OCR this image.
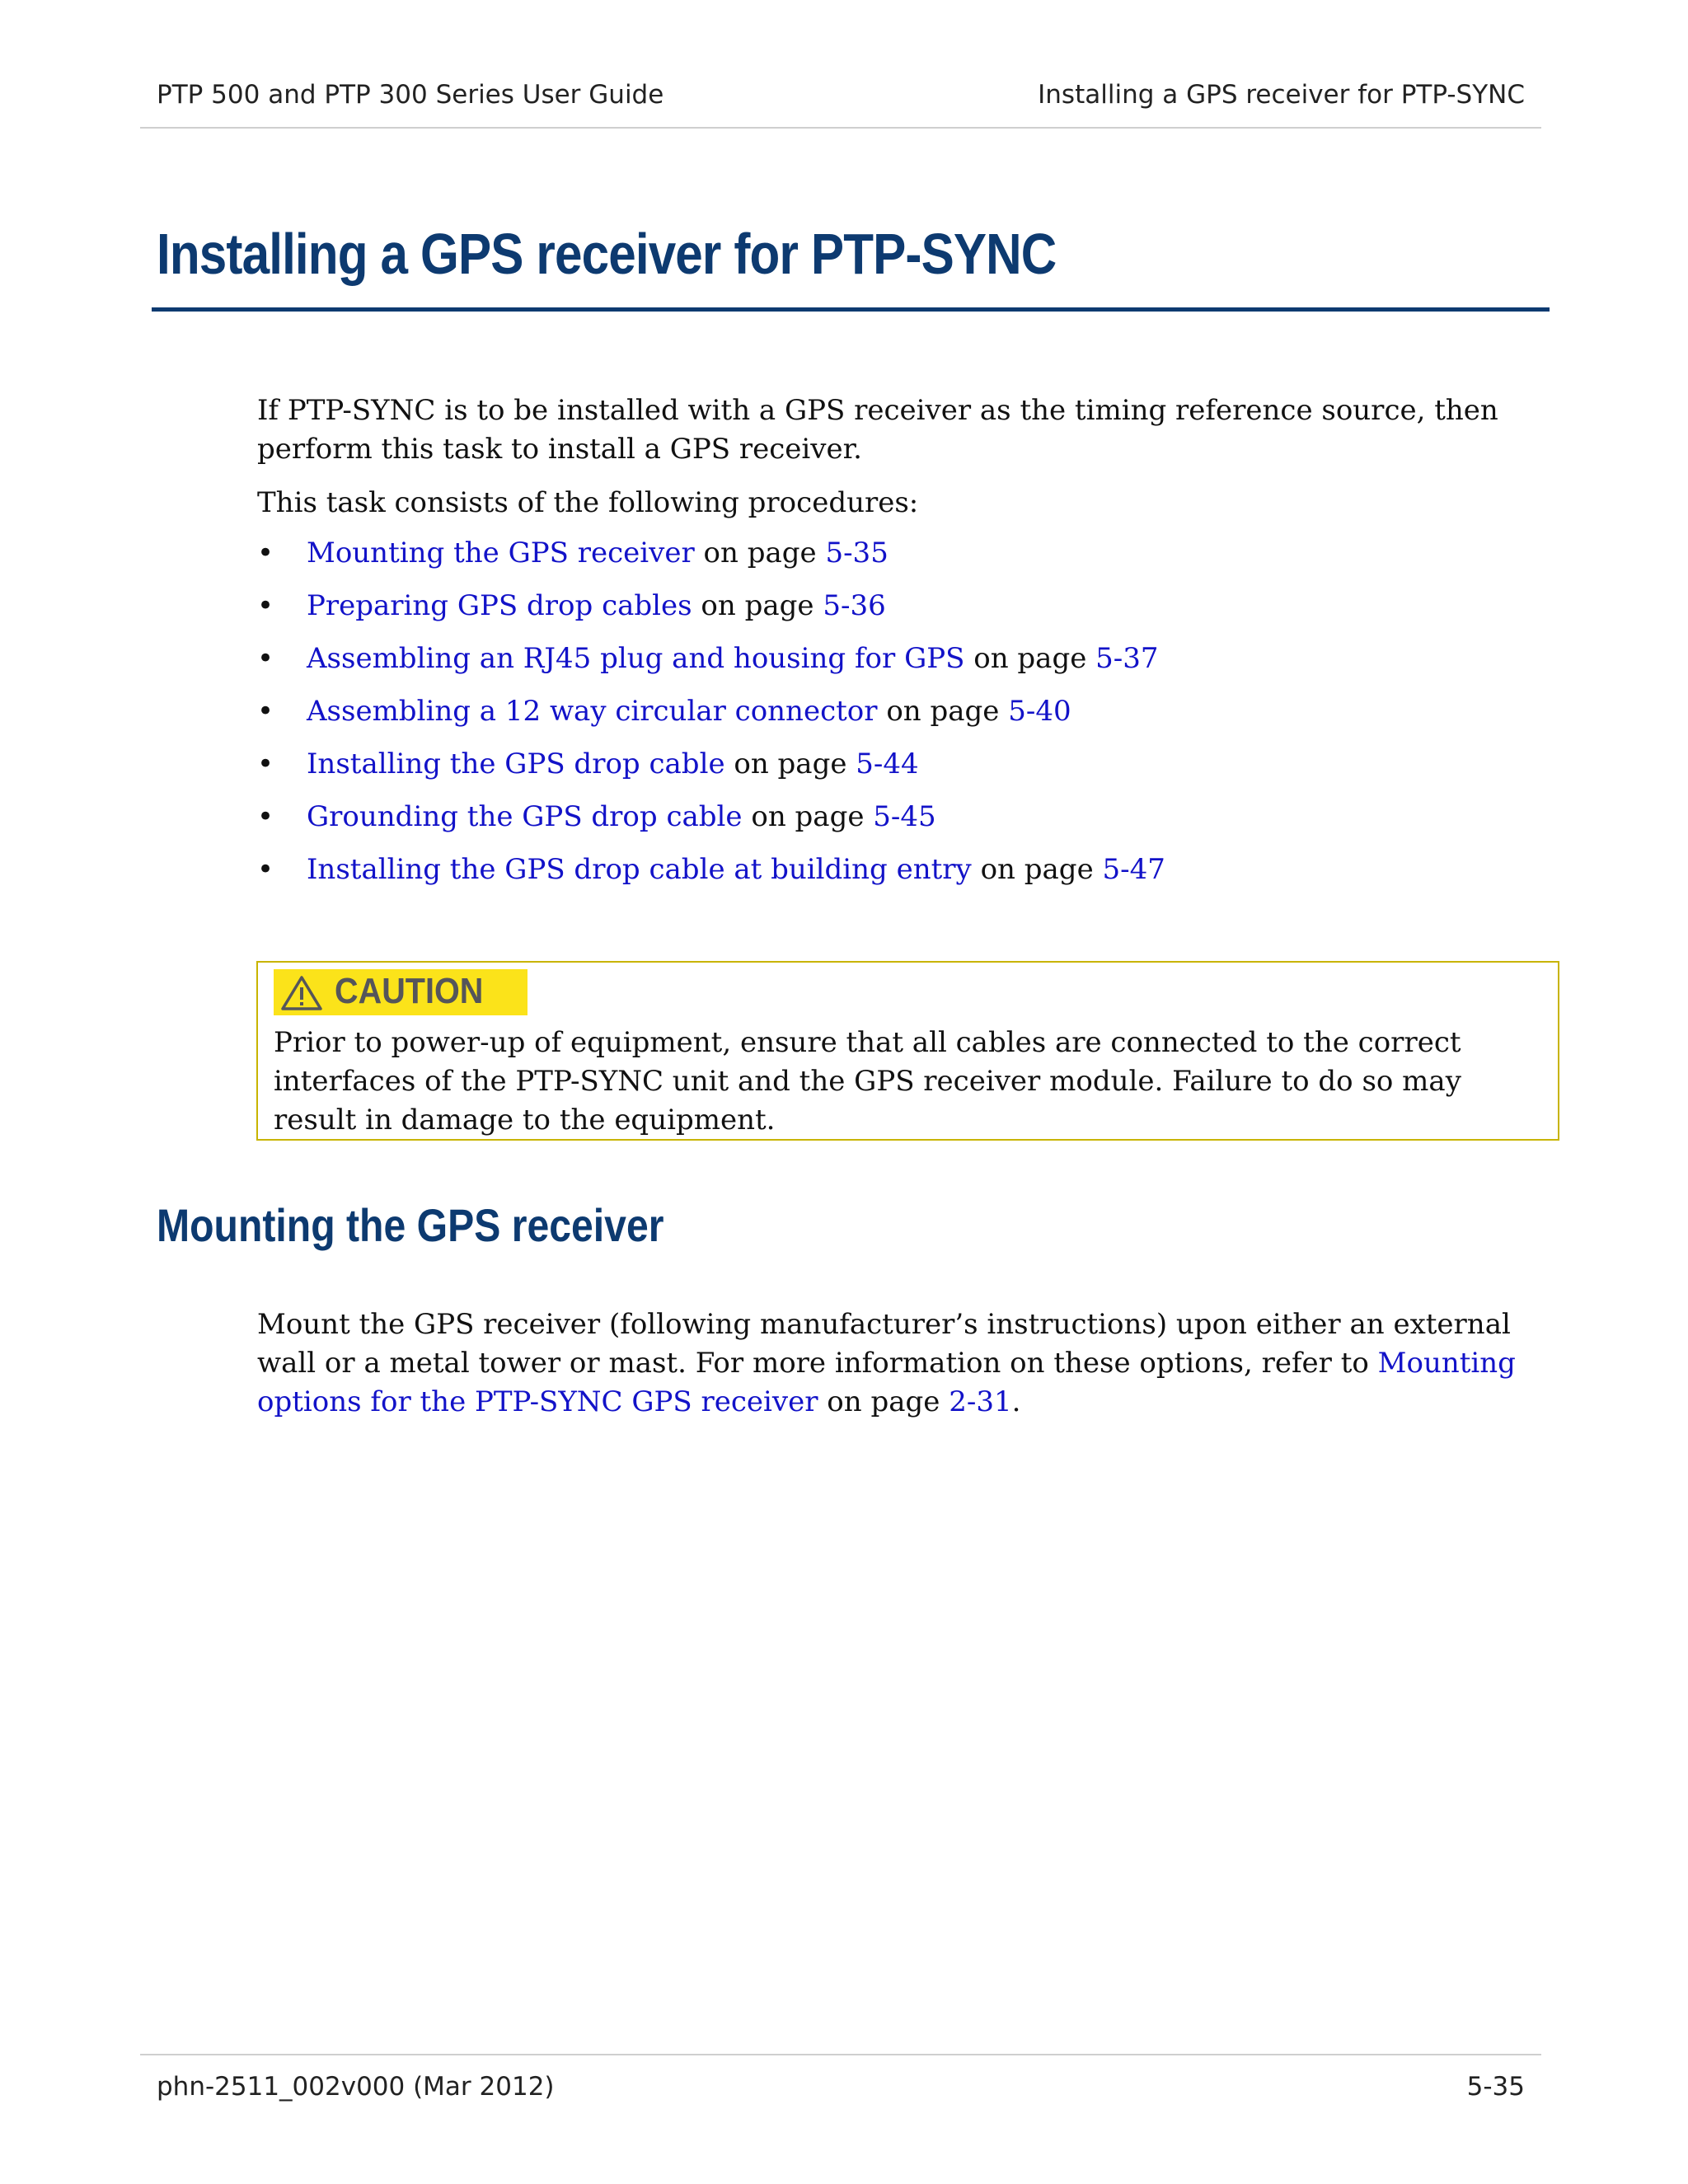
PTP 500 and PTP 300 Series User Guide	Installing a GPS receiver for PTP-SYNC
Installing a GPS receiver for PTP-SYNC

If PTP-SYNC is to be installed with a GPS receiver as the timing reference source, then perform this task to install a GPS receiver.

This task consists of the following procedures:

• Mounting the GPS receiver on page 5-35
• Preparing GPS drop cables on page 5-36
• Assembling an RJ45 plug and housing for GPS on page 5-37
• Assembling a 12 way circular connector on page 5-40
• Installing the GPS drop cable on page 5-44
• Grounding the GPS drop cable on page 5-45
• Installing the GPS drop cable at building entry on page 5-47
CAUTION

Prior to power-up of equipment, ensure that all cables are connected to the correct interfaces of the PTP-SYNC unit and the GPS receiver module. Failure to do so may result in damage to the equipment.

Mounting the GPS receiver

Mount the GPS receiver (following manufacturer’s instructions) upon either an external wall or a metal tower or mast. For more information on these options, refer to Mounting options for the PTP-SYNC GPS receiver on page 2-31.

phn-2511_002v000 (Mar 2012)	5-35
